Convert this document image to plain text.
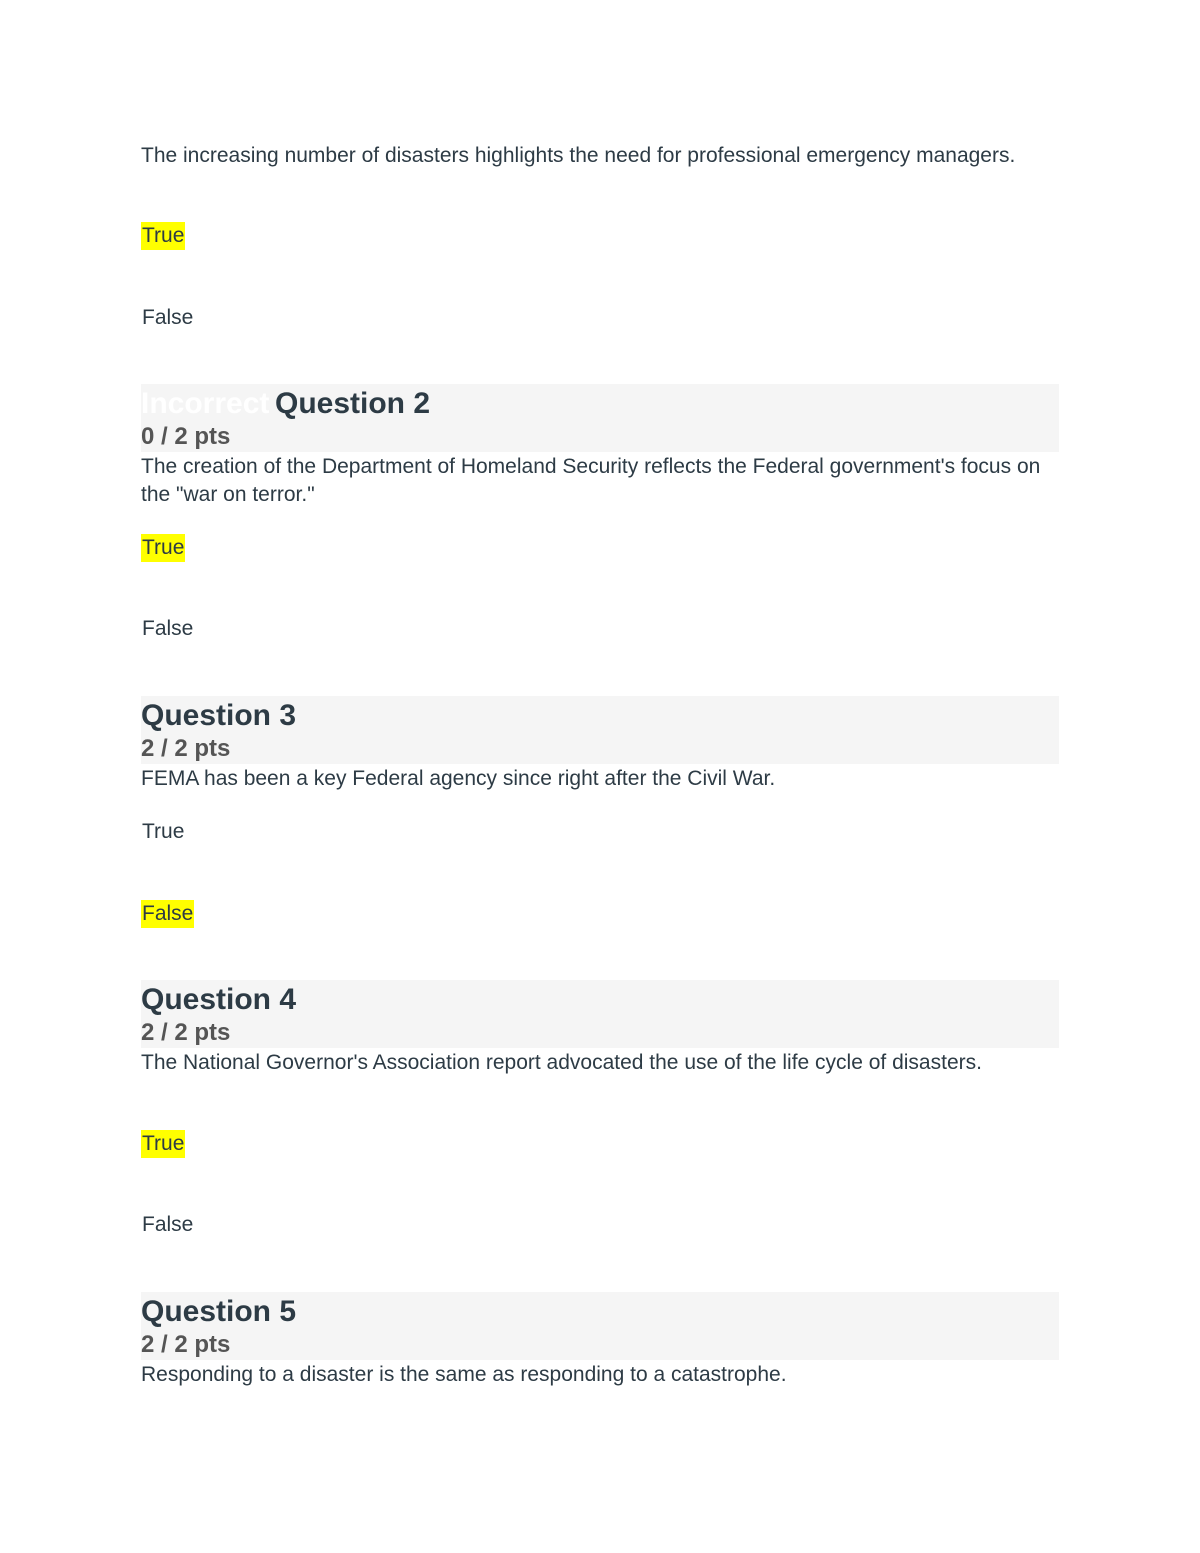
The increasing number of disasters highlights the need for professional emergency managers.

True
False
Incorrect Question 2
0 / 2 pts

The creation of the Department of Homeland Security reflects the Federal government's focus on the "war on terror."

True
False
Question 3
2 / 2 pts

FEMA has been a key Federal agency since right after the Civil War.

True
False
Question 4
2 / 2 pts

The National Governor's Association report advocated the use of the life cycle of disasters.

True
False
Question 5
2 / 2 pts

Responding to a disaster is the same as responding to a catastrophe.
